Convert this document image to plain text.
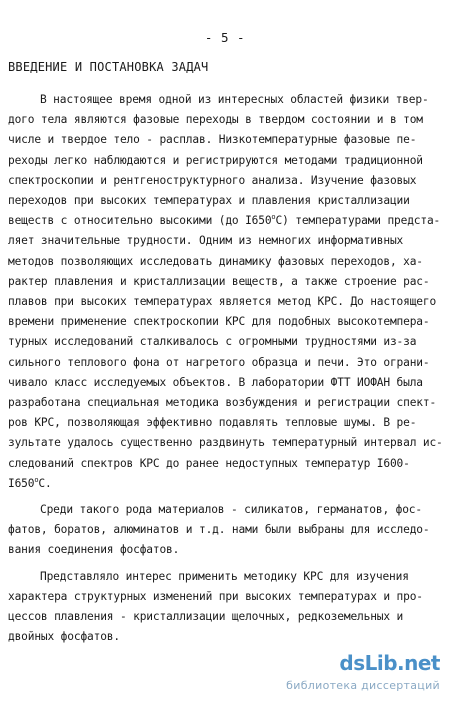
- 5 -
ВВЕДЕНИЕ И ПОСТАНОВКА ЗАДАЧ
В настоящее время одной из интересных областей физики твер-
дого тела являются фазовые переходы в твердом состоянии и в том
числе и твердое тело - расплав. Низкотемпературные фазовые пе-
реходы легко наблюдаются и регистрируются методами традиционной
спектроскопии и рентгеноструктурного анализа. Изучение фазовых
переходов при высоких температурах и плавления кристаллизации
веществ с относительно высокими (до $I650^оС$) температурами предста-
ляет значительные трудности. Одним из немногих информативных
методов позволяющих исследовать динамику фазовых переходов, ха-
рактер плавления и кристаллизации веществ, а также строение рас-
плавов при высоких температурах является метод КРС. До настоящего
времени применение спектроскопии КРС для подобных высокотемпера-
турных исследований сталкивалось с огромными трудностями из-за
сильного теплового фона от нагретого образца и печи. Это ограни-
чивало класс исследуемых объектов. В лаборатории ФТТ ИОФАН была
разработана специальная методика возбуждения и регистрации спект-
ров КРС, позволяющая эффективно подавлять тепловые шумы. В ре-
зультате удалось существенно раздвинуть температурный интервал ис-
следований спектров КРС до ранее недоступных температур I600-
$I650^оС$.
Среди такого рода материалов - силикатов, германатов, фос-
фатов, боратов, алюминатов и т.д. нами были выбраны для исследо-
вания соединения фосфатов.
Представляло интерес применить методику КРС для изучения
характера структурных изменений при высоких температурах и про-
цессов плавления - кристаллизации щелочных, редкоземельных и
двойных фосфатов.
dsLib.net
библиотека диссертаций
